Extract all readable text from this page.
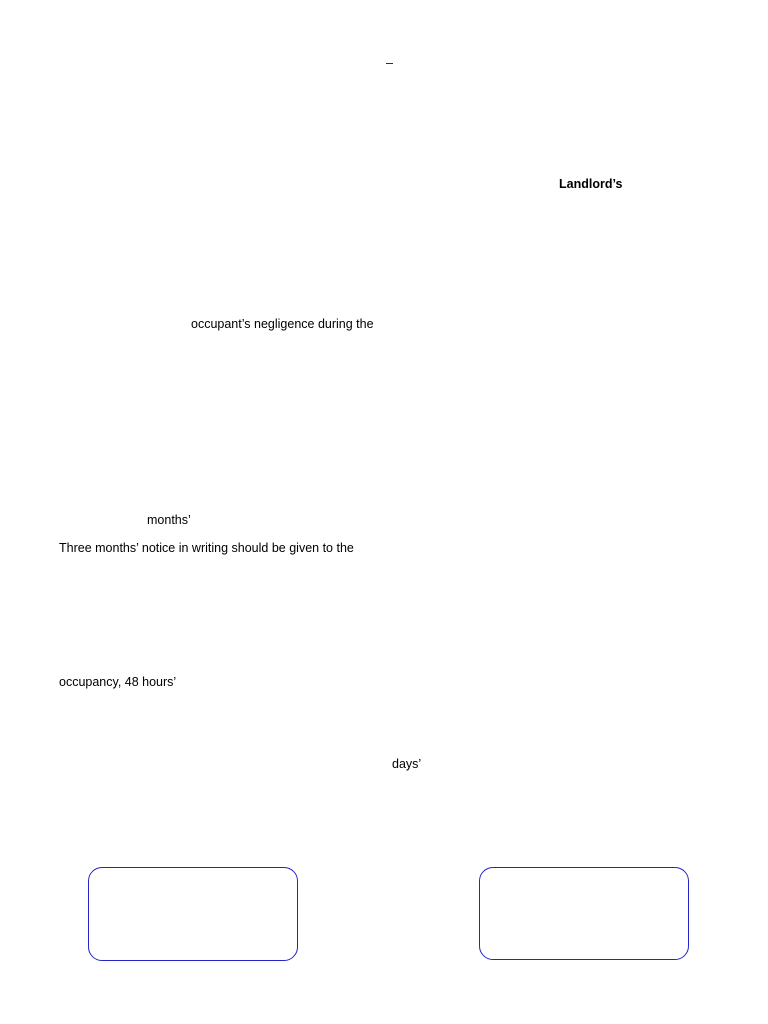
Landlord’s
occupant’s negligence during the
months’
Three months’ notice in writing should be given to the
occupancy, 48 hours’
days’
